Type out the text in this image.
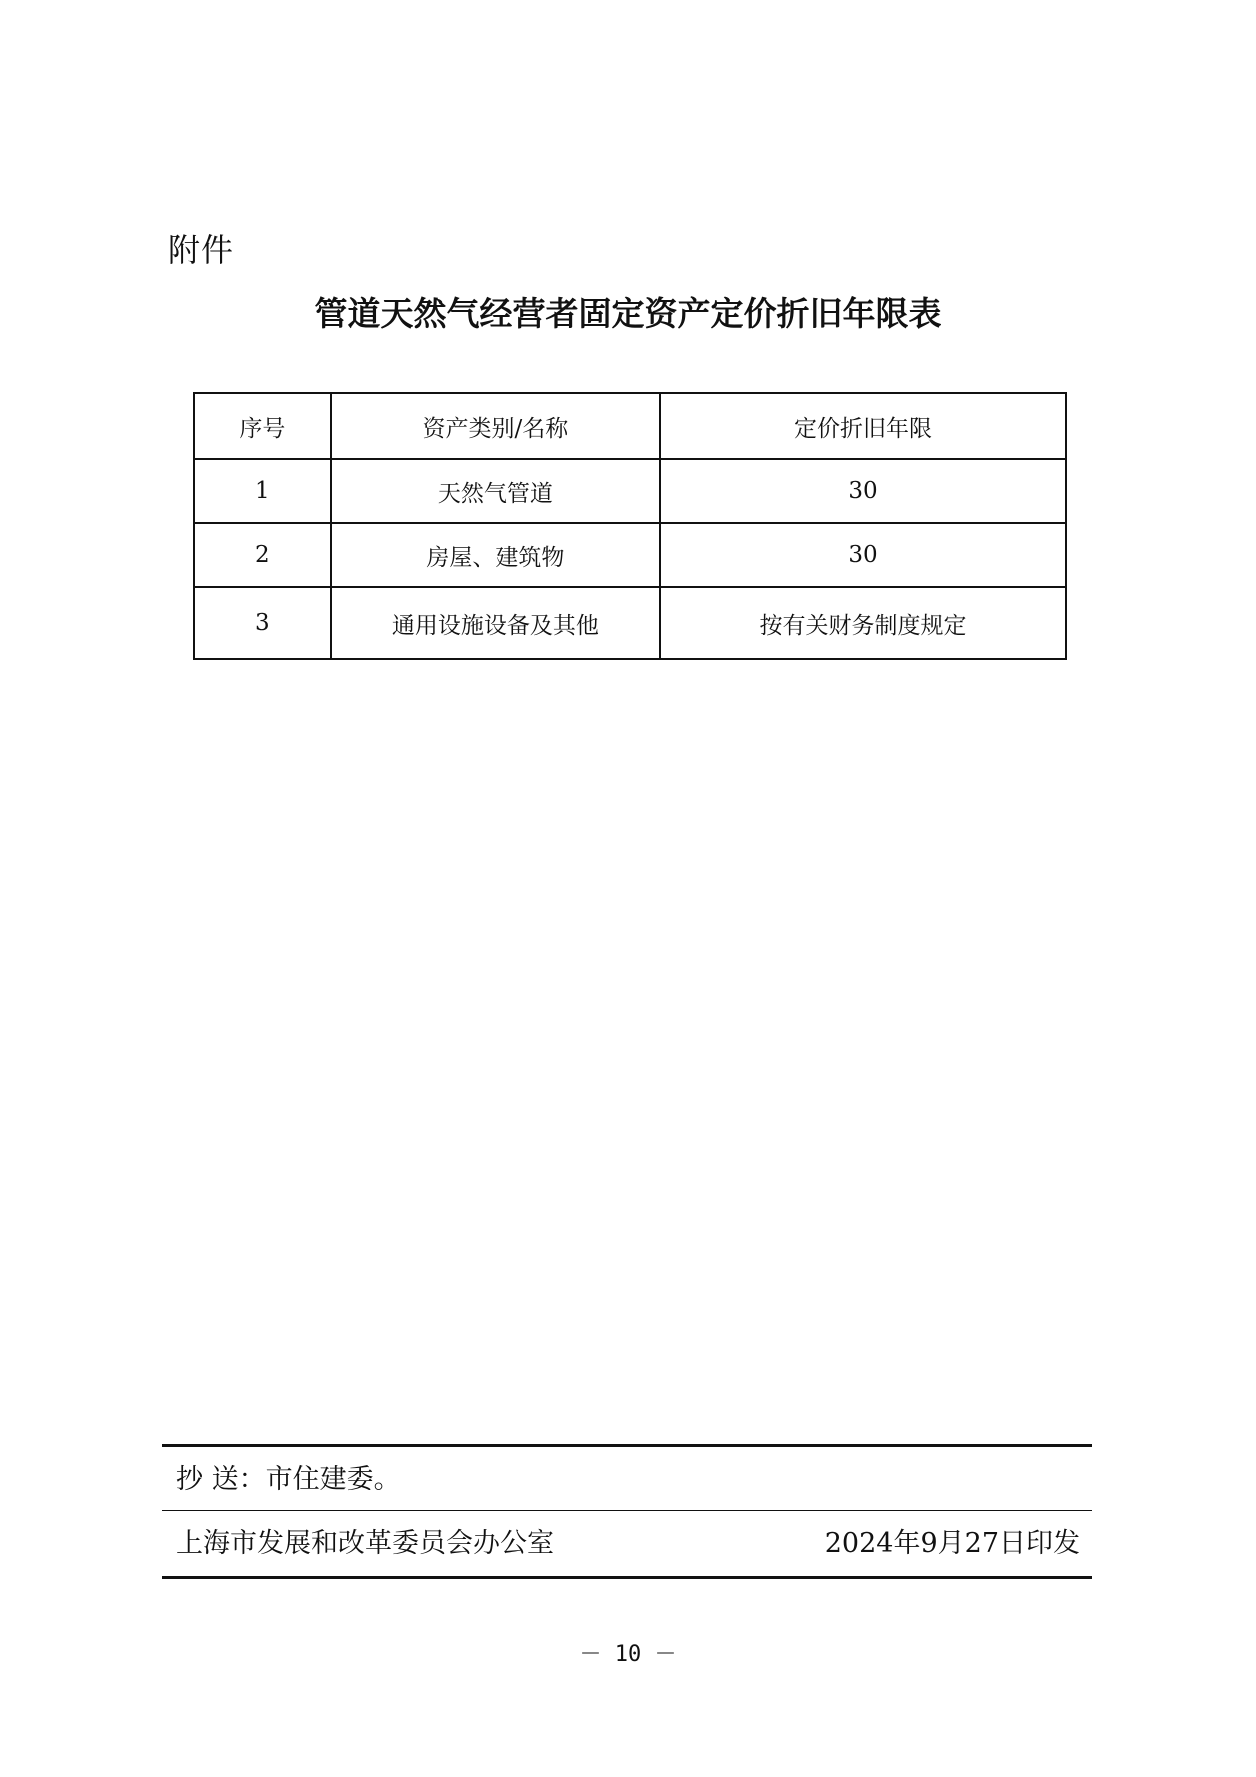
附件
管道天然气经营者固定资产定价折旧年限表
序号	资产类别/名称	定价折旧年限
1	天然气管道	30
2	房屋、建筑物	30
3	通用设施设备及其他	按有关财务制度规定
抄 送：市住建委。
上海市发展和改革委员会办公室	2024年9月27日印发
－ 10 －
